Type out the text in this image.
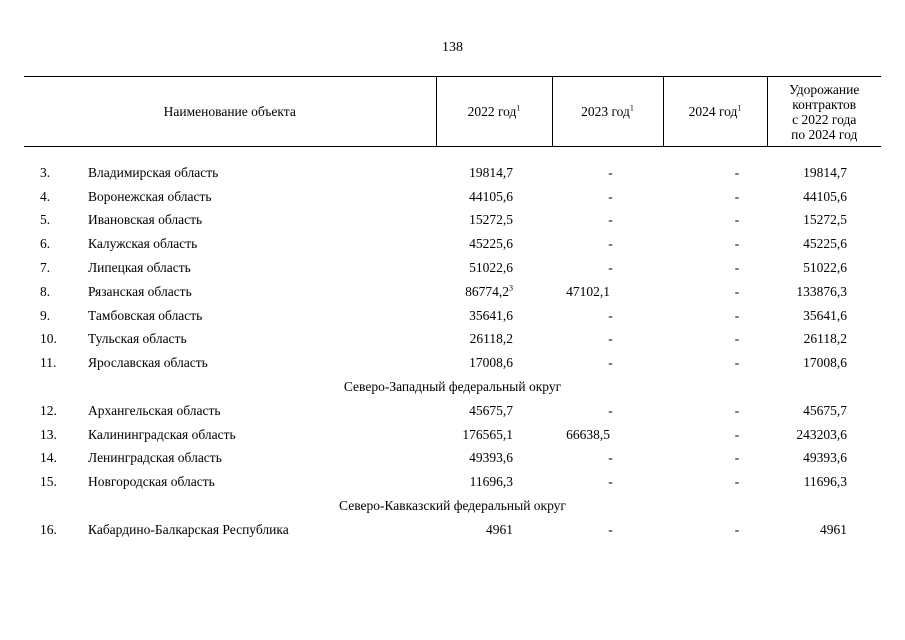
138
Наименование объекта	2022 год$^1$	2023 год$^1$	2024 год$^1$	Удорожание
контрактов
с 2022 года
по 2024 год

3. Владимирская область	19814,7	-	-	19814,7
4. Воронежская область	44105,6	-	-	44105,6
5. Ивановская область	15272,5	-	-	15272,5
6. Калужская область	45225,6	-	-	45225,6
7. Липецкая область	51022,6	-	-	51022,6
8. Рязанская область	86774,2$^3$	47102,1	-	133876,3
9. Тамбовская область	35641,6	-	-	35641,6
10. Тульская область	26118,2	-	-	26118,2
11. Ярославская область	17008,6	-	-	17008,6
Северо-Западный федеральный округ				
12. Архангельская область	45675,7	-	-	45675,7
13. Калининградская область	176565,1	66638,5	-	243203,6
14. Ленинградская область	49393,6	-	-	49393,6
15. Новгородская область	11696,3	-	-	11696,3
Северо-Кавказский федеральный округ				
16. Кабардино-Балкарская Республика	4961	-	-	4961
